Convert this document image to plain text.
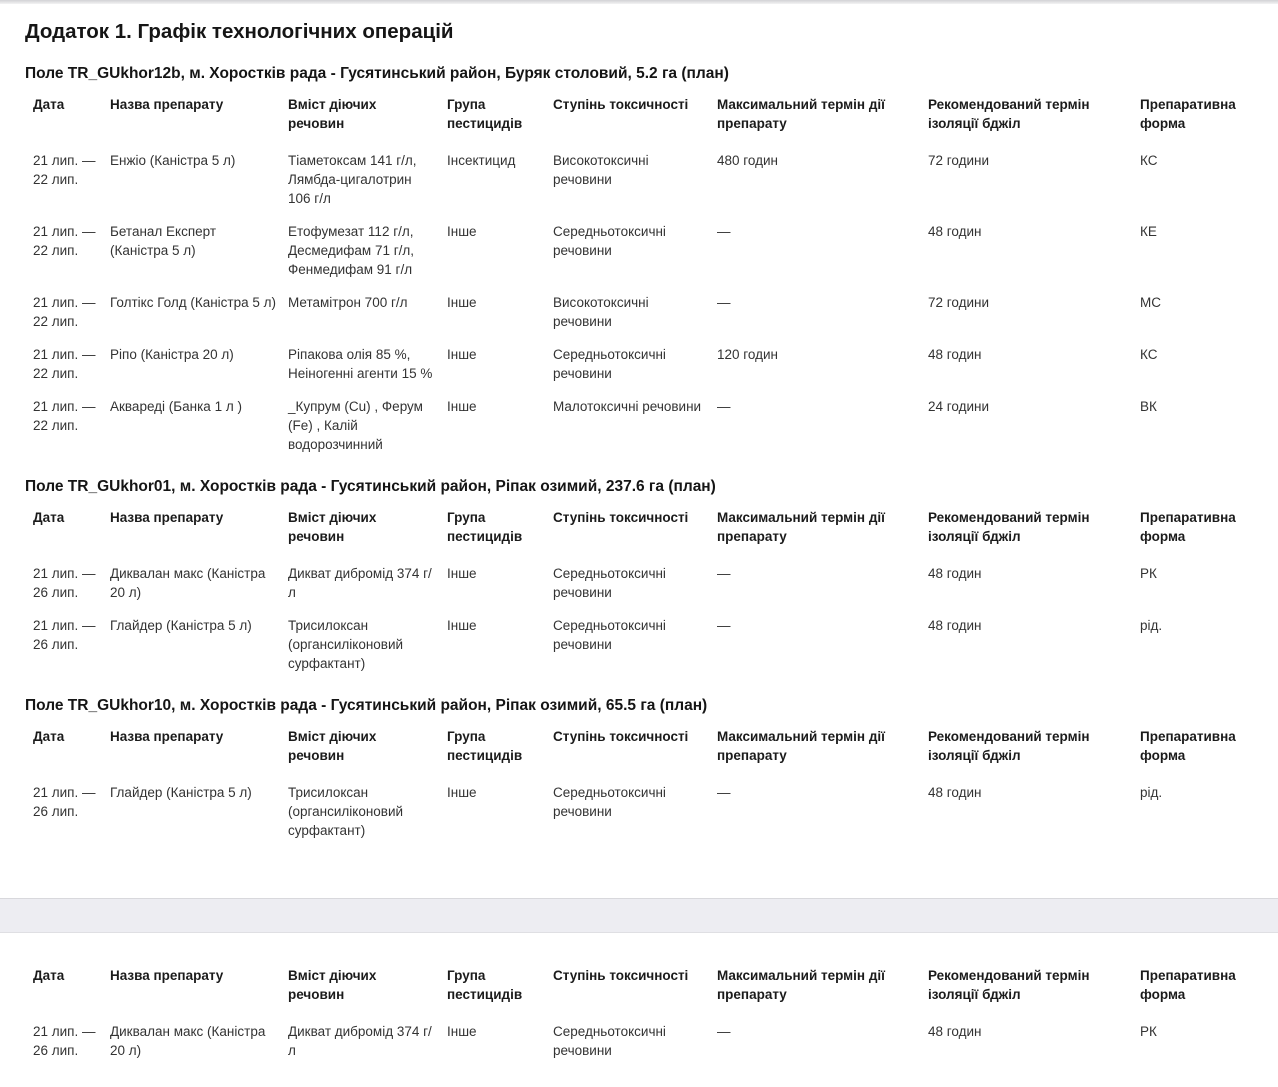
Додаток 1. Графік технологічних операцій
Поле TR_GUkhor12b, м. Хоростків рада - Гусятинський район, Буряк столовий, 5.2 га (план)
Дата	Назва препарату	Вміст діючих речовин	Група пестицидів	Ступінь токсичності	Максимальний термін дії препарату	Рекомендований термін ізоляції бджіл	Препаративна форма
21 лип. — 22 лип.	Енжіо (Каністра 5 л)	Тіаметоксам 141 г/л, Лямбда-цигалотрин 106 г/л	Інсектицид	Високотоксичні речовини	480 годин	72 години	КС
21 лип. — 22 лип.	Бетанал Експерт (Каністра 5 л)	Етофумезат 112 г/л, Десмедифам 71 г/л, Фенмедифам 91 г/л	Інше	Середньотоксичні речовини	—	48 годин	КЕ
21 лип. — 22 лип.	Голтікс Голд (Каністра 5 л)	Метамітрон 700 г/л	Інше	Високотоксичні речовини	—	72 години	МС
21 лип. — 22 лип.	Ріпо (Каністра 20 л)	Ріпакова олія 85 %, Неіногенні агенти 15 %	Інше	Середньотоксичні речовини	120 годин	48 годин	КС
21 лип. — 22 лип.	Аквареді (Банка 1 л )	_Купрум (Cu) , Ферум (Fe) , Калій водорозчинний	Інше	Малотоксичні речовини	—	24 години	ВК
Поле TR_GUkhor01, м. Хоростків рада - Гусятинський район, Ріпак озимий, 237.6 га (план)
Дата	Назва препарату	Вміст діючих речовин	Група пестицидів	Ступінь токсичності	Максимальний термін дії препарату	Рекомендований термін ізоляції бджіл	Препаративна форма
21 лип. — 26 лип.	Диквалан макс (Каністра 20 л)	Дикват дибромід 374 г/л	Інше	Середньотоксичні речовини	—	48 годин	РК
21 лип. — 26 лип.	Глайдер (Каністра 5 л)	Трисилоксан (органсиліконовий сурфактант)	Інше	Середньотоксичні речовини	—	48 годин	рід.
Поле TR_GUkhor10, м. Хоростків рада - Гусятинський район, Ріпак озимий, 65.5 га (план)
Дата	Назва препарату	Вміст діючих речовин	Група пестицидів	Ступінь токсичності	Максимальний термін дії препарату	Рекомендований термін ізоляції бджіл	Препаративна форма
21 лип. — 26 лип.	Глайдер (Каністра 5 л)	Трисилоксан (органсиліконовий сурфактант)	Інше	Середньотоксичні речовини	—	48 годин	рід.
Дата	Назва препарату	Вміст діючих речовин	Група пестицидів	Ступінь токсичності	Максимальний термін дії препарату	Рекомендований термін ізоляції бджіл	Препаративна форма
21 лип. — 26 лип.	Диквалан макс (Каністра 20 л)	Дикват дибромід 374 г/л	Інше	Середньотоксичні речовини	—	48 годин	РК
